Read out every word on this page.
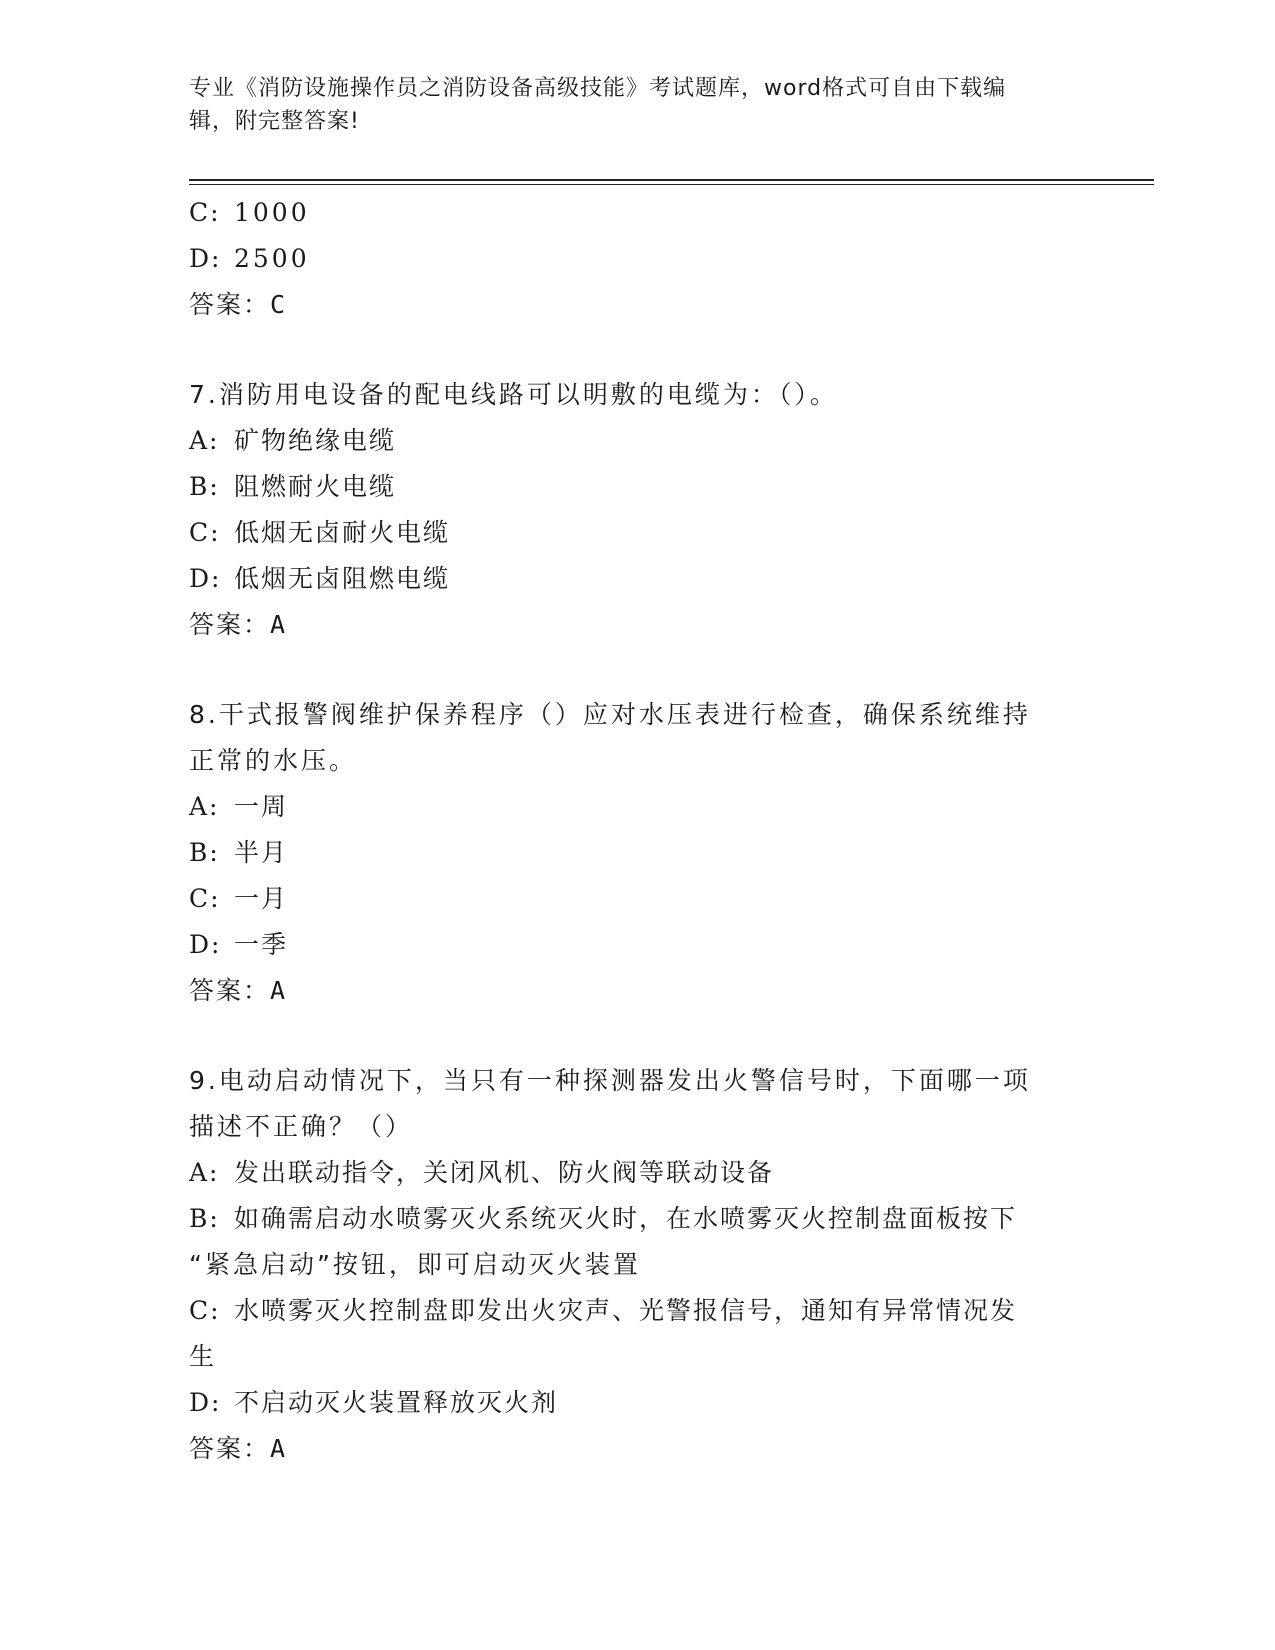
专业《消防设施操作员之消防设备高级技能》考试题库，word格式可自由下载编
辑，附完整答案!
C: 1000
D: 2500
答案：C
7.消防用电设备的配电线路可以明敷的电缆为：（）。
A: 矿物绝缘电缆
B: 阻燃耐火电缆
C: 低烟无卤耐火电缆
D: 低烟无卤阻燃电缆
答案：A
8.干式报警阀维护保养程序（）应对水压表进行检查，确保系统维持
正常的水压。
A: 一周
B: 半月
C: 一月
D: 一季
答案：A
9.电动启动情况下，当只有一种探测器发出火警信号时，下面哪一项
描述不正确？（）
A: 发出联动指令，关闭风机、防火阀等联动设备
B: 如确需启动水喷雾灭火系统灭火时，在水喷雾灭火控制盘面板按下
“紧急启动”按钮，即可启动灭火装置
C: 水喷雾灭火控制盘即发出火灾声、光警报信号，通知有异常情况发
生
D: 不启动灭火装置释放灭火剂
答案：A
